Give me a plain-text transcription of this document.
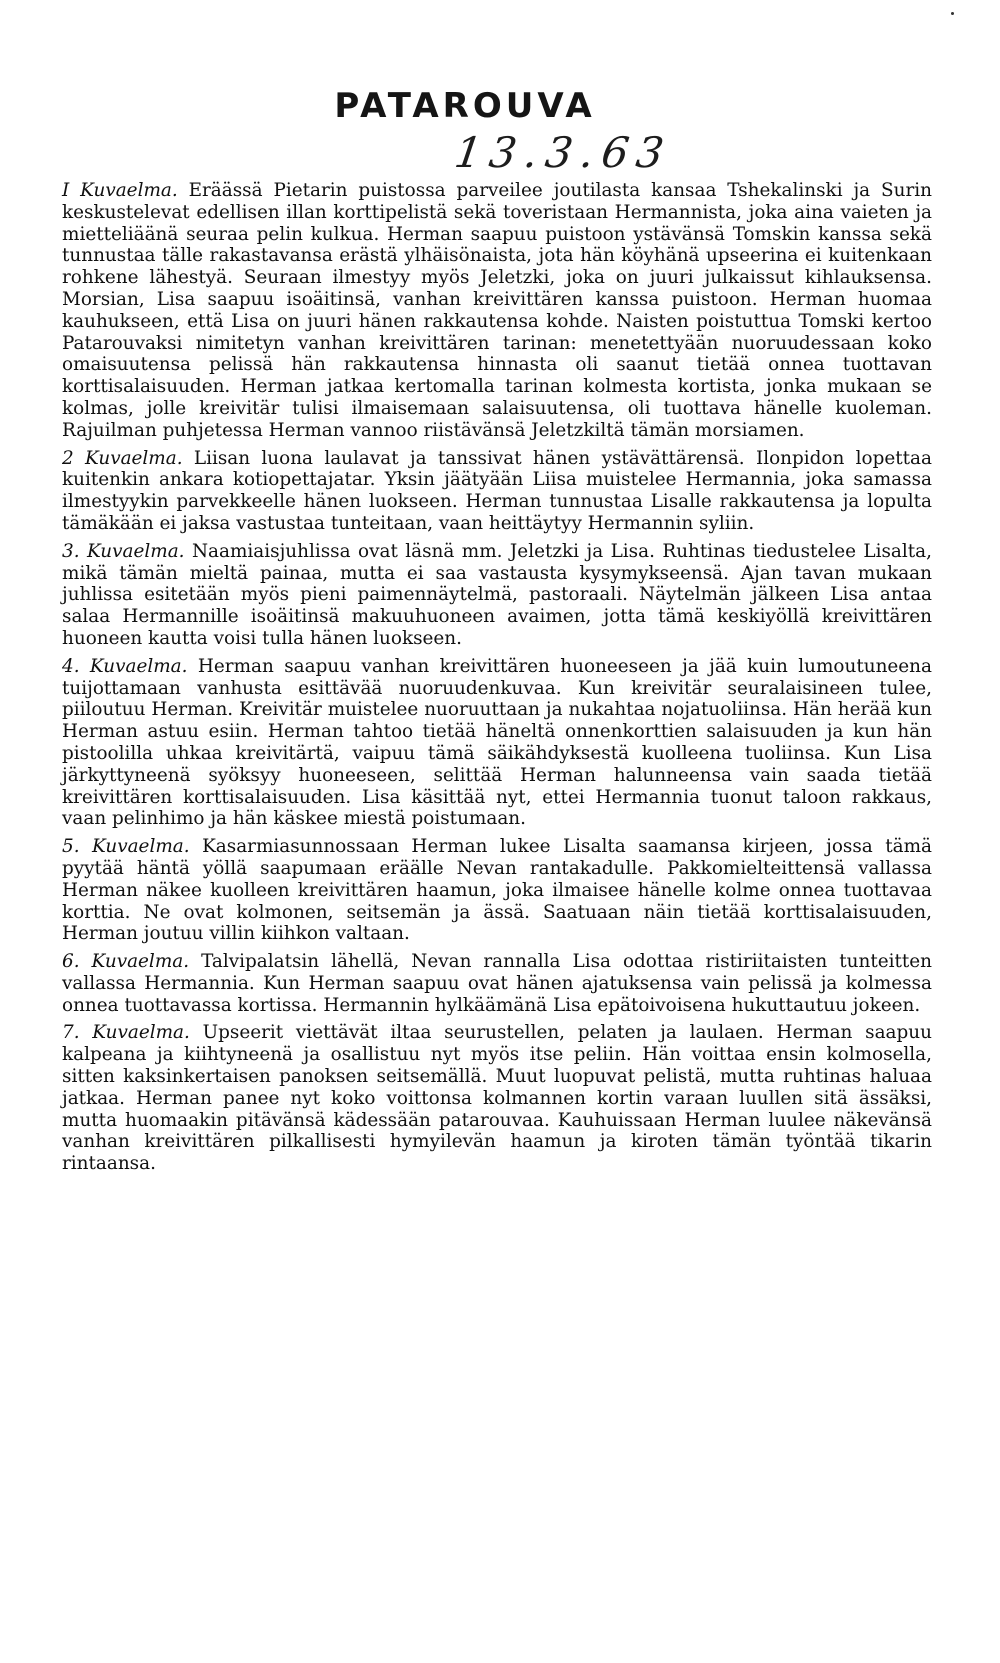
PATAROUVA
13.3.63

I Kuvaelma. Eräässä Pietarin puistossa parveilee joutilasta kansaa Tshekalinski ja Surin keskustelevat edellisen illan korttipelistä sekä toveristaan Hermannista, joka aina vaieten ja mietteliäänä seuraa pelin kulkua. Herman saapuu puistoon ystävänsä Tomskin kanssa sekä tunnustaa tälle rakastavansa erästä ylhäisönaista, jota hän köyhänä upseerina ei kuitenkaan rohkene lähestyä. Seuraan ilmestyy myös Jeletzki, joka on juuri julkaissut kihlauksensa. Morsian, Lisa saapuu isoäitinsä, vanhan kreivittären kanssa puistoon. Herman huomaa kauhukseen, että Lisa on juuri hänen rakkautensa kohde. Naisten poistuttua Tomski kertoo Patarouvaksi nimitetyn vanhan kreivittären tarinan: menetettyään nuoruudessaan koko omaisuutensa pelissä hän rakkautensa hinnasta oli saanut tietää onnea tuottavan korttisalaisuuden. Herman jatkaa kertomalla tarinan kolmesta kortista, jonka mukaan se kolmas, jolle kreivitär tulisi ilmaisemaan salaisuutensa, oli tuottava hänelle kuoleman. Rajuilman puhjetessa Herman vannoo riistävänsä Jeletzkiltä tämän morsiamen.

2 Kuvaelma. Liisan luona laulavat ja tanssivat hänen ystävättärensä. Ilonpidon lopettaa kuitenkin ankara kotiopettajatar. Yksin jäätyään Liisa muistelee Hermannia, joka samassa ilmestyykin parvekkeelle hänen luokseen. Herman tunnustaa Lisalle rakkautensa ja lopulta tämäkään ei jaksa vastustaa tunteitaan, vaan heittäytyy Hermannin syliin.

3. Kuvaelma. Naamiaisjuhlissa ovat läsnä mm. Jeletzki ja Lisa. Ruhtinas tiedustelee Lisalta, mikä tämän mieltä painaa, mutta ei saa vastausta kysymykseensä. Ajan tavan mukaan juhlissa esitetään myös pieni paimennäytelmä, pastoraali. Näytelmän jälkeen Lisa antaa salaa Hermannille isoäitinsä makuuhuoneen avaimen, jotta tämä keskiyöllä kreivittären huoneen kautta voisi tulla hänen luokseen.

4. Kuvaelma. Herman saapuu vanhan kreivittären huoneeseen ja jää kuin lumoutuneena tuijottamaan vanhusta esittävää nuoruudenkuvaa. Kun kreivitär seuralaisineen tulee, piiloutuu Herman. Kreivitär muistelee nuoruuttaan ja nukahtaa nojatuoliinsa. Hän herää kun Herman astuu esiin. Herman tahtoo tietää häneltä onnenkorttien salaisuuden ja kun hän pistoolilla uhkaa kreivitärtä, vaipuu tämä säikähdyksestä kuolleena tuoliinsa. Kun Lisa järkyttyneenä syöksyy huoneeseen, selittää Herman halunneensa vain saada tietää kreivittären korttisalaisuuden. Lisa käsittää nyt, ettei Hermannia tuonut taloon rakkaus, vaan pelinhimo ja hän käskee miestä poistumaan.

5. Kuvaelma. Kasarmiasunnossaan Herman lukee Lisalta saamansa kirjeen, jossa tämä pyytää häntä yöllä saapumaan eräälle Nevan rantakadulle. Pakkomielteittensä vallassa Herman näkee kuolleen kreivittären haamun, joka ilmaisee hänelle kolme onnea tuottavaa korttia. Ne ovat kolmonen, seitsemän ja ässä. Saatuaan näin tietää korttisalaisuuden, Herman joutuu villin kiihkon valtaan.

6. Kuvaelma. Talvipalatsin lähellä, Nevan rannalla Lisa odottaa ristiriitaisten tunteitten vallassa Hermannia. Kun Herman saapuu ovat hänen ajatuksensa vain pelissä ja kolmessa onnea tuottavassa kortissa. Hermannin hylkäämänä Lisa epätoivoisena hukuttautuu jokeen.

7. Kuvaelma. Upseerit viettävät iltaa seurustellen, pelaten ja laulaen. Herman saapuu kalpeana ja kiihtyneenä ja osallistuu nyt myös itse peliin. Hän voittaa ensin kolmosella, sitten kaksinkertaisen panoksen seitsemällä. Muut luopuvat pelistä, mutta ruhtinas haluaa jatkaa. Herman panee nyt koko voittonsa kolmannen kortin varaan luullen sitä ässäksi, mutta huomaakin pitävänsä kädessään patarouvaa. Kauhuissaan Herman luulee näkevänsä vanhan kreivittären pilkallisesti hymyilevän haamun ja kiroten tämän työntää tikarin rintaansa.
